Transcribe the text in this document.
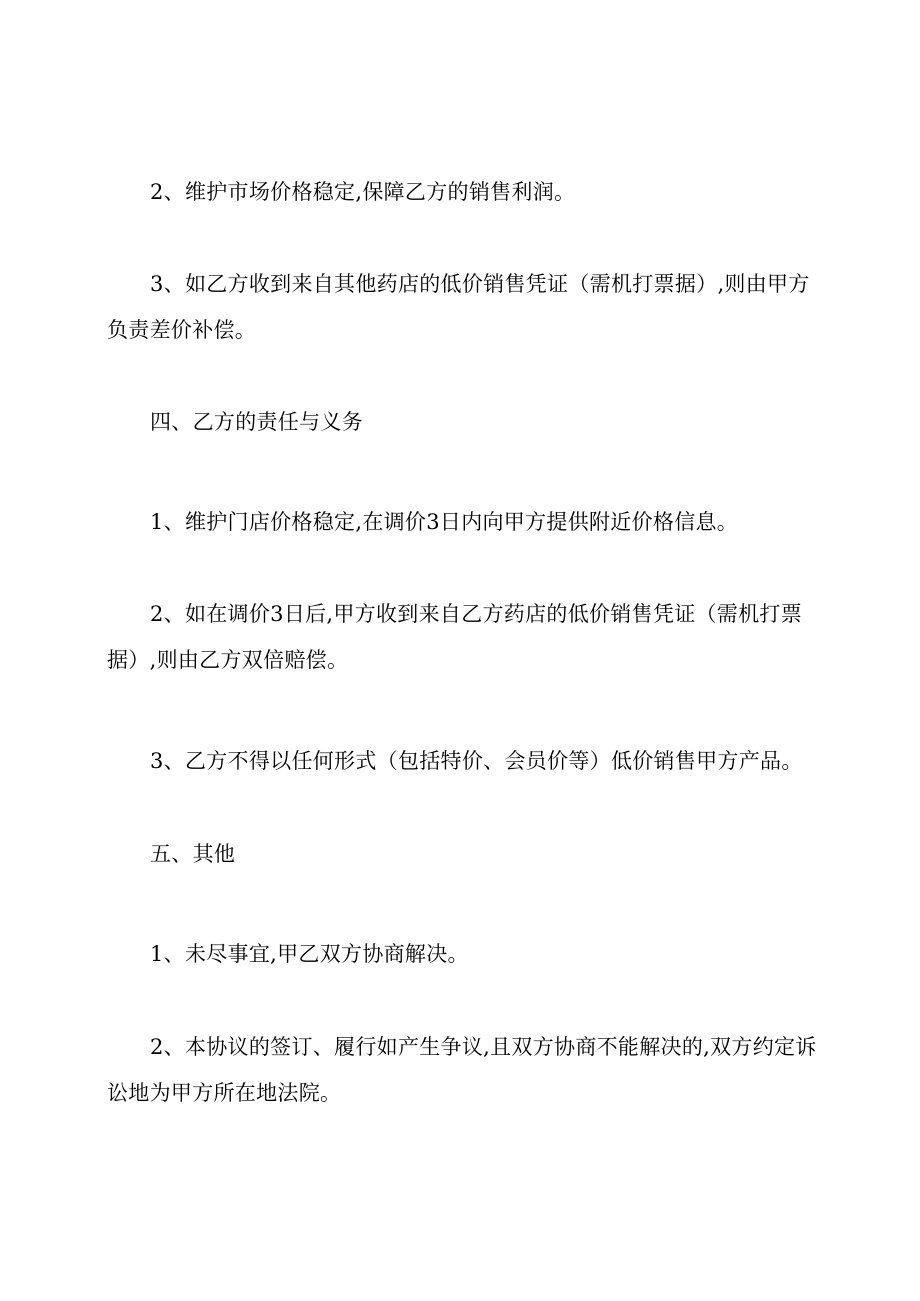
2、维护市场价格稳定,保障乙方的销售利润。

3、如乙方收到来自其他药店的低价销售凭证（需机打票据）,则由甲方负责差价补偿。

四、乙方的责任与义务

1、维护门店价格稳定,在调价3日内向甲方提供附近价格信息。

2、如在调价3日后,甲方收到来自乙方药店的低价销售凭证（需机打票据）,则由乙方双倍赔偿。

3、乙方不得以任何形式（包括特价、会员价等）低价销售甲方产品。

五、其他

1、未尽事宜,甲乙双方协商解决。

2、本协议的签订、履行如产生争议,且双方协商不能解决的,双方约定诉讼地为甲方所在地法院。
